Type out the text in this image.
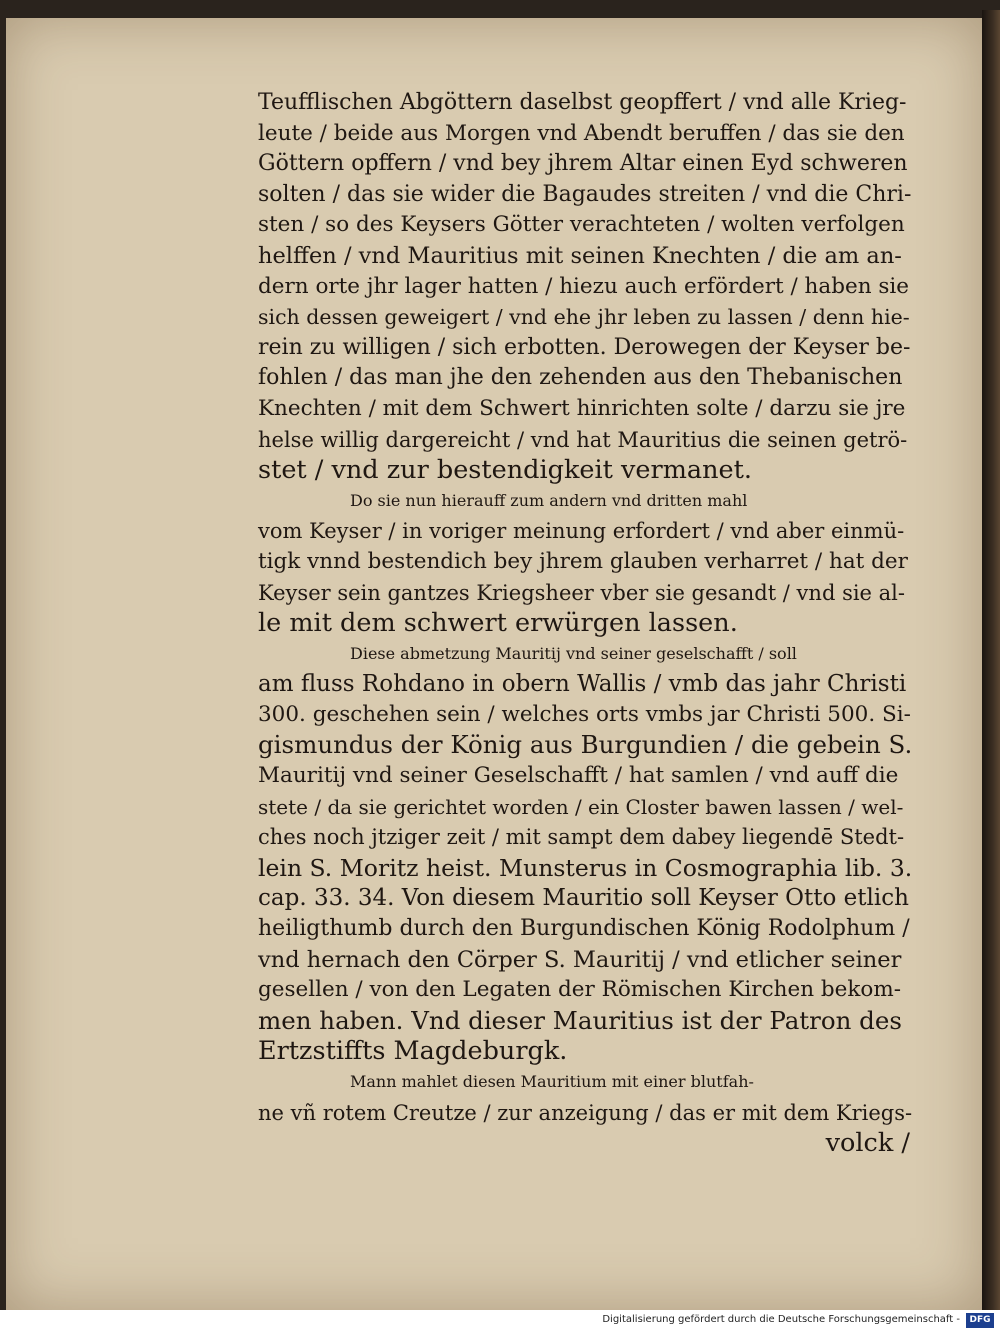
Teufflischen Abgöttern daselbst geopffert / vnd alle Krieg-
leute / beide aus Morgen vnd Abendt beruffen / das sie den
Göttern opffern / vnd bey jhrem Altar einen Eyd schweren
solten / das sie wider die Bagaudes streiten / vnd die Chri-
sten / so des Keysers Götter verachteten / wolten verfolgen
helffen / vnd Mauritius mit seinen Knechten / die am an-
dern orte jhr lager hatten / hiezu auch erfördert / haben sie
sich dessen geweigert / vnd ehe jhr leben zu lassen / denn hie-
rein zu willigen / sich erbotten. Derowegen der Keyser be-
fohlen / das man jhe den zehenden aus den Thebanischen
Knechten / mit dem Schwert hinrichten solte / darzu sie jre
helse willig dargereicht / vnd hat Mauritius die seinen getrö-
stet / vnd zur bestendigkeit vermanet.
Do sie nun hierauff zum andern vnd dritten mahl
vom Keyser / in voriger meinung erfordert / vnd aber einmü-
tigk vnnd bestendich bey jhrem glauben verharret / hat der
Keyser sein gantzes Kriegsheer vber sie gesandt / vnd sie al-
le mit dem schwert erwürgen lassen.
Diese abmetzung Mauritij vnd seiner geselschafft / soll
am fluss Rohdano in obern Wallis / vmb das jahr Christi
300. geschehen sein / welches orts vmbs jar Christi 500. Si-
gismundus der König aus Burgundien / die gebein S.
Mauritij vnd seiner Geselschafft / hat samlen / vnd auff die
stete / da sie gerichtet worden / ein Closter bawen lassen / wel-
ches noch jtziger zeit / mit sampt dem dabey liegendē Stedt-
lein S. Moritz heist. Munsterus in Cosmographia lib. 3.
cap. 33. 34. Von diesem Mauritio soll Keyser Otto etlich
heiligthumb durch den Burgundischen König Rodolphum /
vnd hernach den Cörper S. Mauritij / vnd etlicher seiner
gesellen / von den Legaten der Römischen Kirchen bekom-
men haben. Vnd dieser Mauritius ist der Patron des
Ertzstiffts Magdeburgk.
Mann mahlet diesen Mauritium mit einer blutfah-
ne vñ rotem Creutze / zur anzeigung / das er mit dem Kriegs-
volck /
Digitalisierung gefördert durch die Deutsche Forschungsgemeinschaft -	DFG
